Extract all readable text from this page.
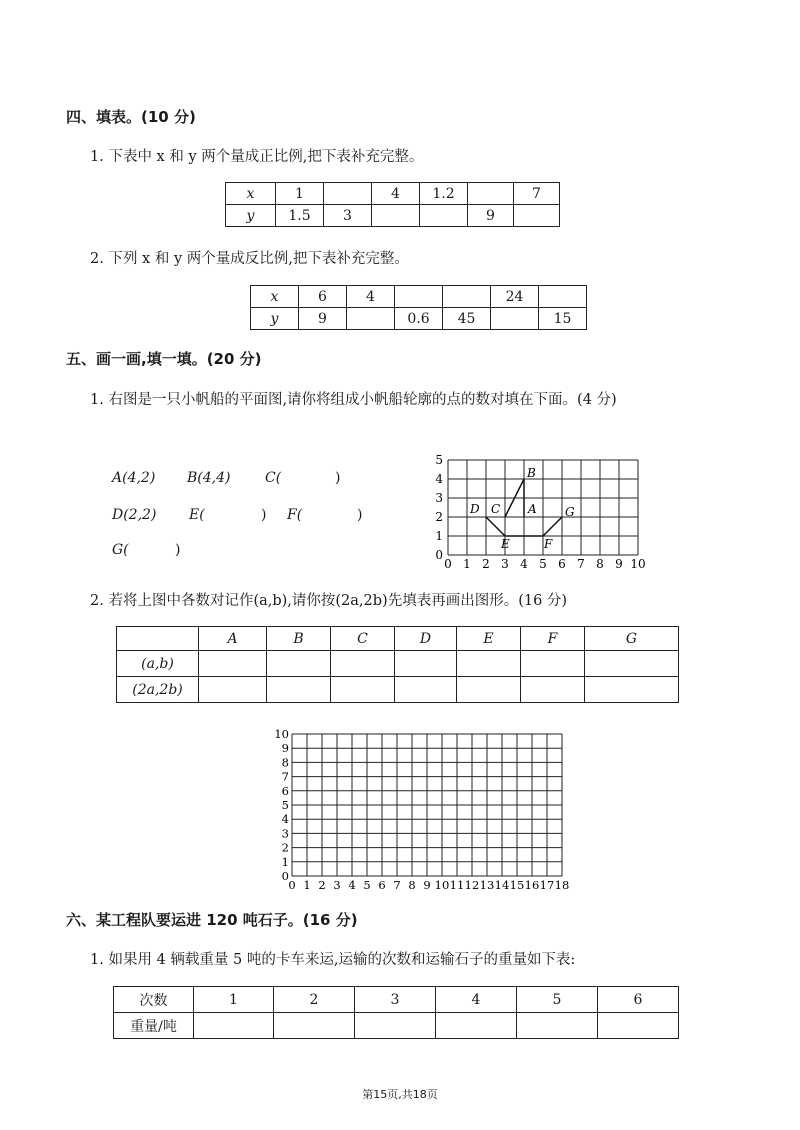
四、填表。(10 分)
1. 下表中 x 和 y 两个量成正比例,把下表补充完整。
x	1		4	1.2		7
y	1.5	3			9	
2. 下列 x 和 y 两个量成反比例,把下表补充完整。
x	6	4			24	
y	9		0.6	45		15
五、画一画,填一填。(20 分)
1. 右图是一只小帆船的平面图,请你将组成小帆船轮廓的点的数对填在下面。(4 分)
A(4,2) B(4,4) C(	)
D(2,2) E(	) F(	)
G(	)
0 1 2 3 4 5 6 7 8 9 10
0
1
2
3
4
5
A
B
C
D
E	F
G
2. 若将上图中各数对记作(a,b),请你按(2a,2b)先填表再画出图形。(16 分)
	A	B	C	D	E	F	G
(a,b)							
(2a,2b)							
0 1 2 3 4 5 6 7 8 9 10 11 12 13 14 15 16 17 18
0
1
2
3
4
5
6
7
8
9
10
六、某工程队要运进 120 吨石子。(16 分)
1. 如果用 4 辆载重量 5 吨的卡车来运,运输的次数和运输石子的重量如下表:
次数	1	2	3	4	5	6
重量/吨						
第15页,共18页
